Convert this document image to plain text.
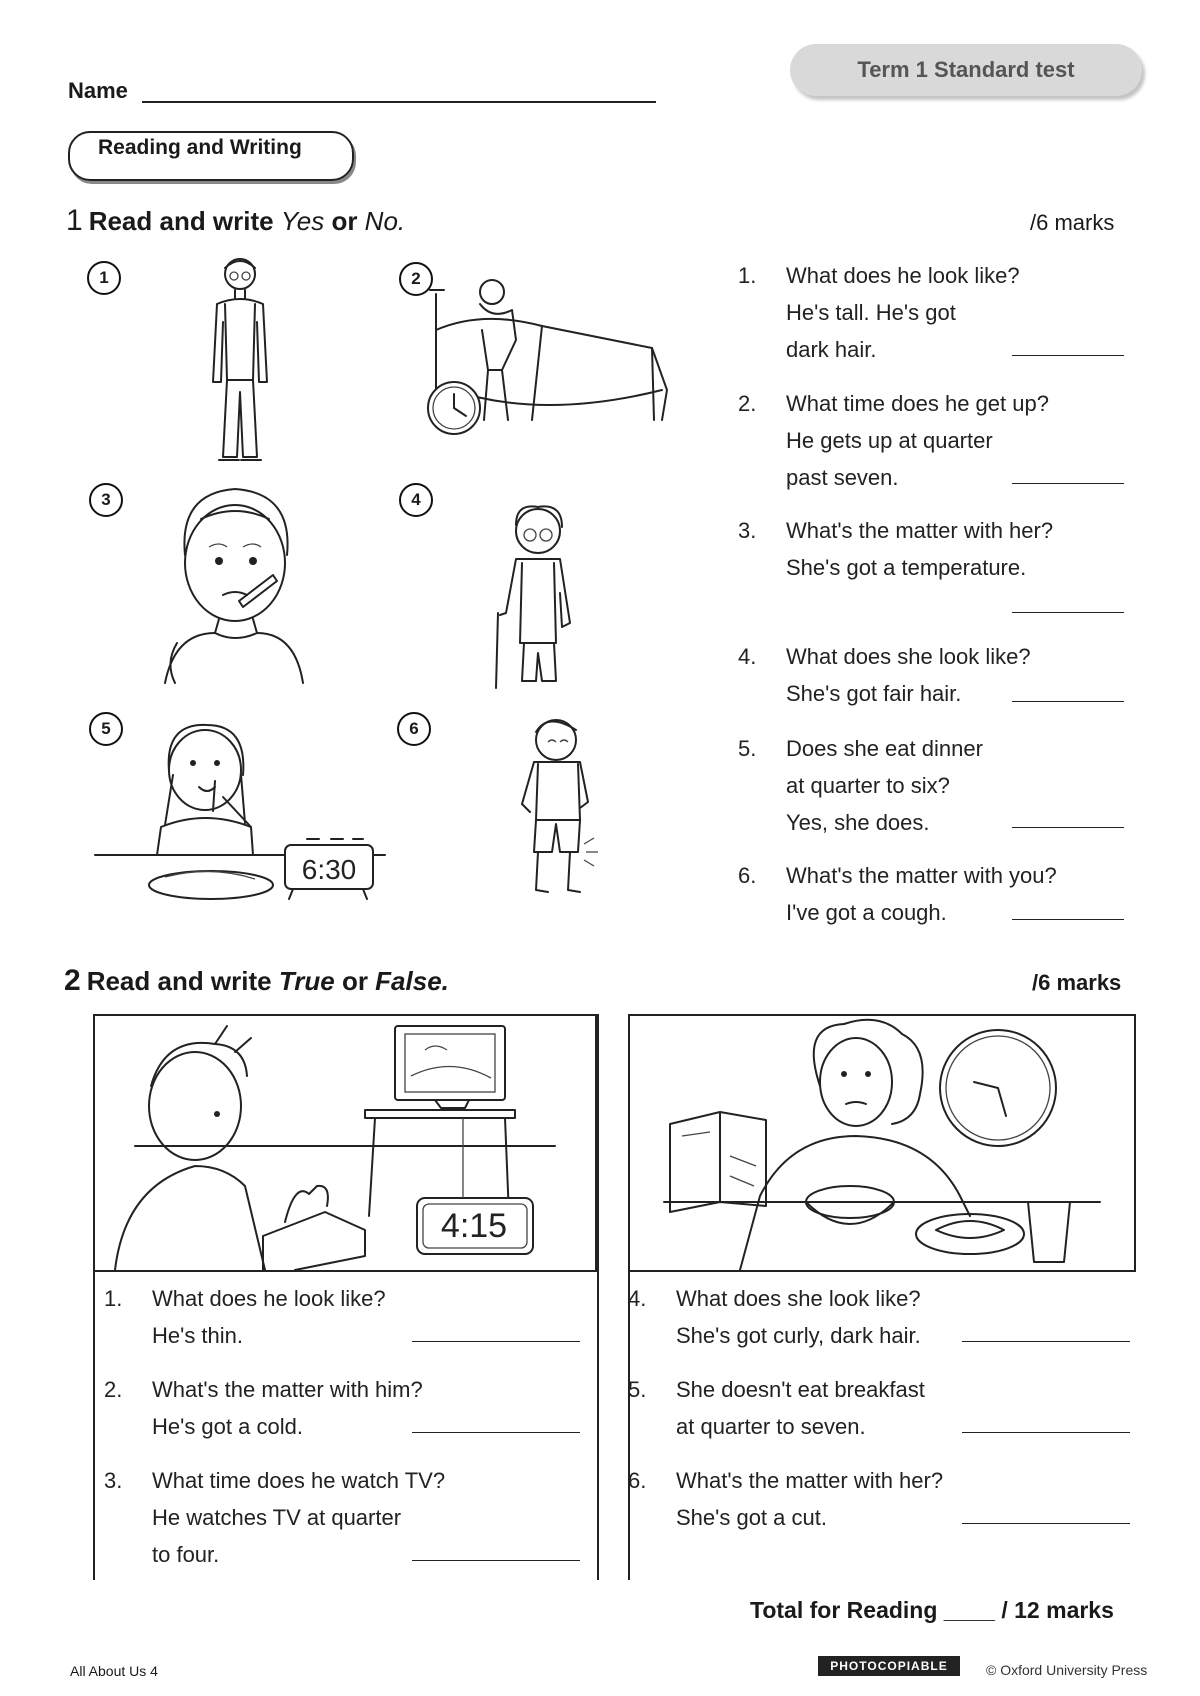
Term 1 Standard test
Name
Reading and Writing
1 Read and write Yes or No.	/6 marks
1	2
3	4
5	6
6:30
1. What does he look like?
He's tall. He's got
dark hair.
2. What time does he get up?
He gets up at quarter
past seven.
3. What's the matter with her?
She's got a temperature.
4. What does she look like?
She's got fair hair.
5. Does she eat dinner
at quarter to six?
Yes, she does.
6. What's the matter with you?
I've got a cough.
2 Read and write True or False.	/6 marks
4:15
1. What does he look like?
He's thin.
2. What's the matter with him?
He's got a cold.
3. What time does he watch TV?
He watches TV at quarter
to four.
4. What does she look like?
She's got curly, dark hair.
5. She doesn't eat breakfast
at quarter to seven.
6. What's the matter with her?
She's got a cut.
Total for Reading ____ / 12 marks
All About Us 4	PHOTOCOPIABLE	© Oxford University Press
